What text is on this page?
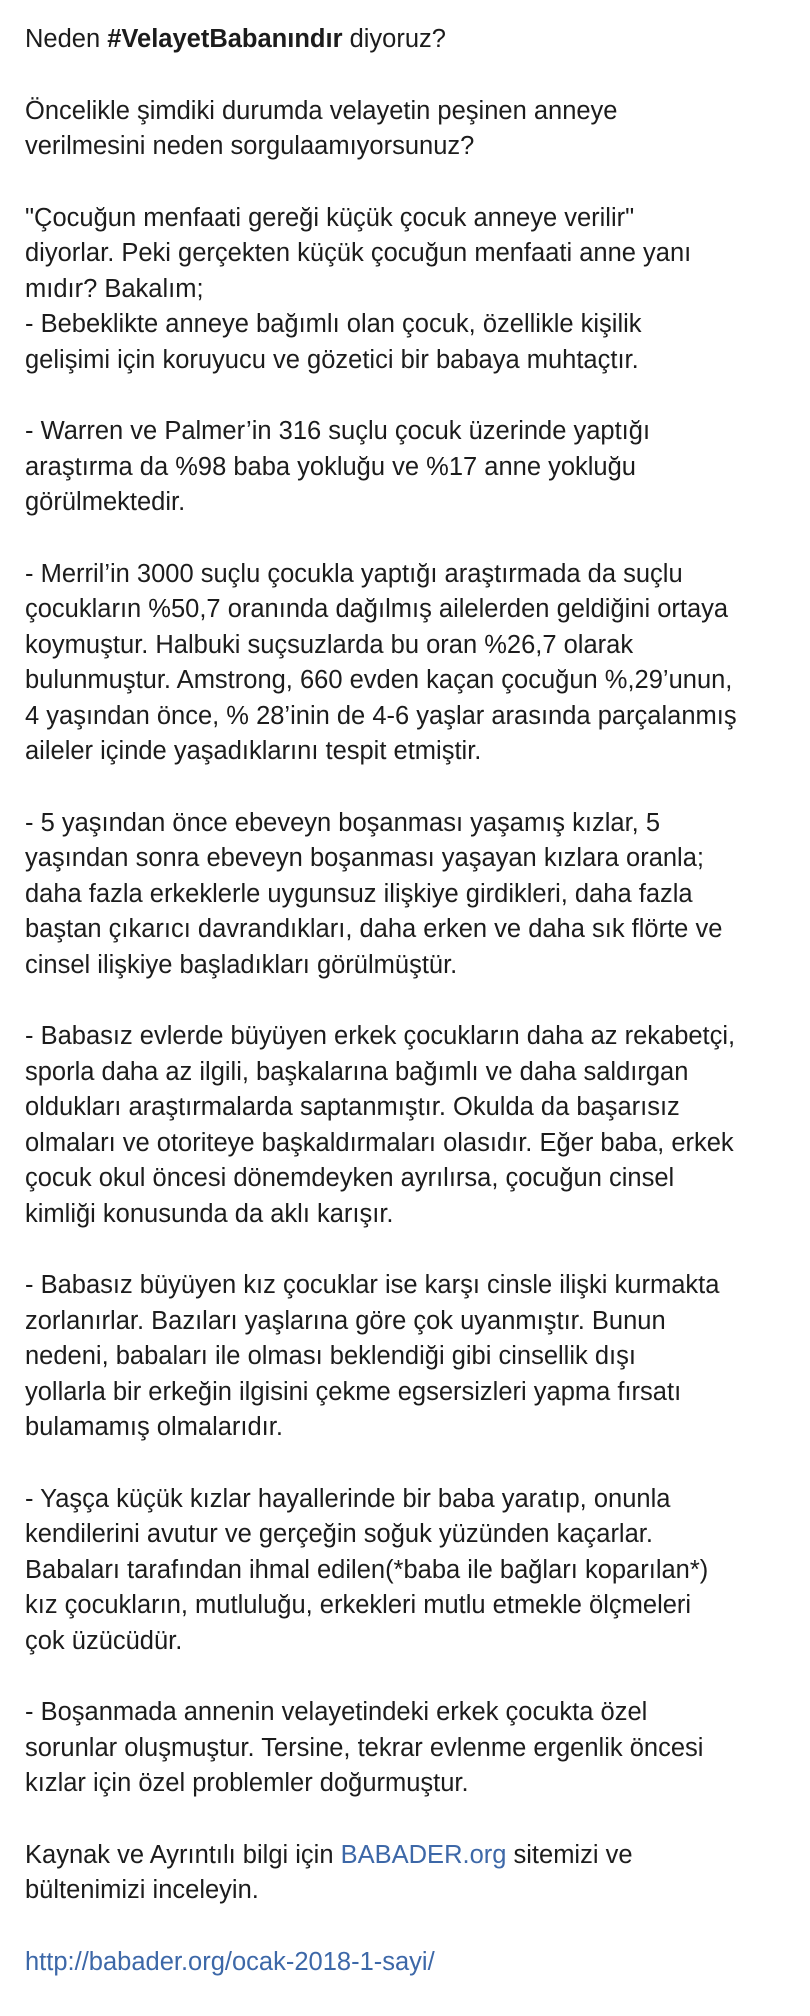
Neden #VelayetBabanındır diyoruz?

Öncelikle şimdiki durumda velayetin peşinen anneye
verilmesini neden sorgulaamıyorsunuz?

"Çocuğun menfaati gereği küçük çocuk anneye verilir"
diyorlar. Peki gerçekten küçük çocuğun menfaati anne yanı
mıdır? Bakalım;
- Bebeklikte anneye bağımlı olan çocuk, özellikle kişilik
gelişimi için koruyucu ve gözetici bir babaya muhtaçtır.

- Warren ve Palmer’in 316 suçlu çocuk üzerinde yaptığı
araştırma da %98 baba yokluğu ve %17 anne yokluğu
görülmektedir.

- Merril’in 3000 suçlu çocukla yaptığı araştırmada da suçlu
çocukların %50,7 oranında dağılmış ailelerden geldiğini ortaya
koymuştur. Halbuki suçsuzlarda bu oran %26,7 olarak
bulunmuştur. Amstrong, 660 evden kaçan çocuğun %,29’unun,
4 yaşından önce, % 28’inin de 4-6 yaşlar arasında parçalanmış
aileler içinde yaşadıklarını tespit etmiştir.

- 5 yaşından önce ebeveyn boşanması yaşamış kızlar, 5
yaşından sonra ebeveyn boşanması yaşayan kızlara oranla;
daha fazla erkeklerle uygunsuz ilişkiye girdikleri, daha fazla
baştan çıkarıcı davrandıkları, daha erken ve daha sık flörte ve
cinsel ilişkiye başladıkları görülmüştür.

- Babasız evlerde büyüyen erkek çocukların daha az rekabetçi,
sporla daha az ilgili, başkalarına bağımlı ve daha saldırgan
oldukları araştırmalarda saptanmıştır. Okulda da başarısız
olmaları ve otoriteye başkaldırmaları olasıdır. Eğer baba, erkek
çocuk okul öncesi dönemdeyken ayrılırsa, çocuğun cinsel
kimliği konusunda da aklı karışır.

- Babasız büyüyen kız çocuklar ise karşı cinsle ilişki kurmakta
zorlanırlar. Bazıları yaşlarına göre çok uyanmıştır. Bunun
nedeni, babaları ile olması beklendiği gibi cinsellik dışı
yollarla bir erkeğin ilgisini çekme egsersizleri yapma fırsatı
bulamamış olmalarıdır.

- Yaşça küçük kızlar hayallerinde bir baba yaratıp, onunla
kendilerini avutur ve gerçeğin soğuk yüzünden kaçarlar.
Babaları tarafından ihmal edilen(*baba ile bağları koparılan*)
kız çocukların, mutluluğu, erkekleri mutlu etmekle ölçmeleri
çok üzücüdür.

- Boşanmada annenin velayetindeki erkek çocukta özel
sorunlar oluşmuştur. Tersine, tekrar evlenme ergenlik öncesi
kızlar için özel problemler doğurmuştur.

Kaynak ve Ayrıntılı bilgi için BABADER.org sitemizi ve
bültenimizi inceleyin.

http://babader.org/ocak-2018-1-sayi/
